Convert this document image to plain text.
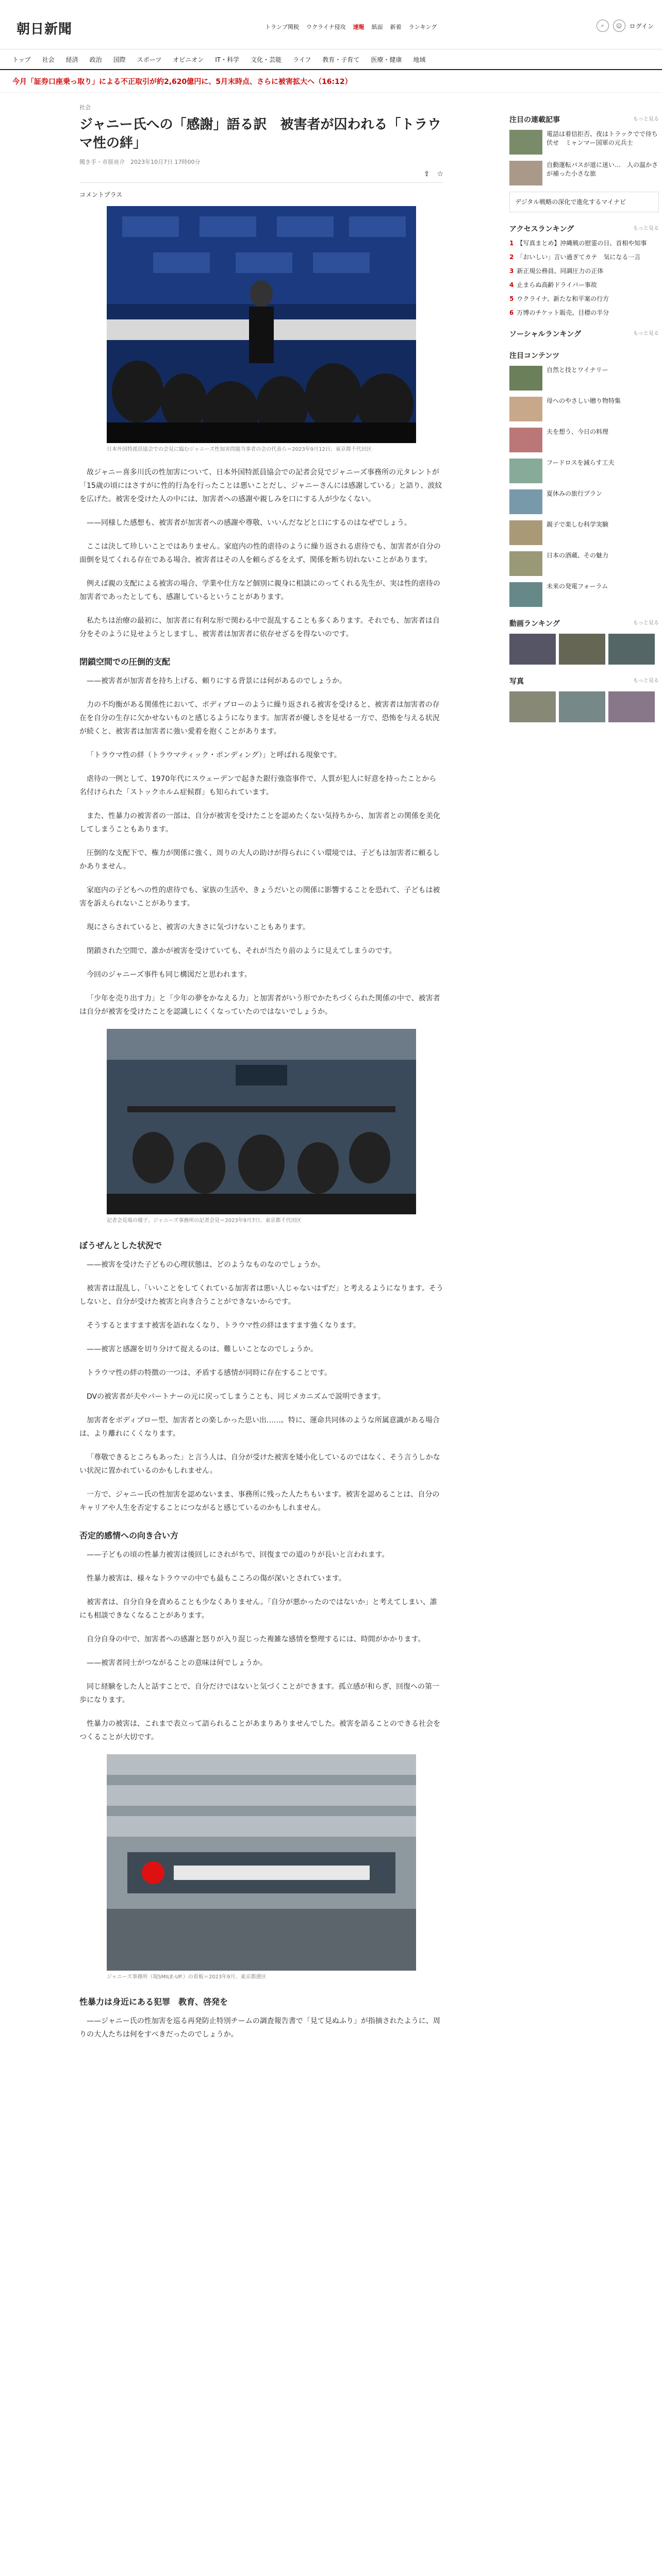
朝日新聞	トランプ関税 ウクライナ侵攻 速報 紙面 新着 ランキング	⌕	☺	ログイン
トップ	社会	経済	政治	国際	スポーツ	オピニオン	IT・科学	文化・芸能	ライフ	教育・子育て	医療・健康	地域
今月「証券口座乗っ取り」による不正取引が約2,620億円に、5月末時点、さらに被害拡大へ（16:12）
社会
ジャニー氏への「感謝」語る訳　被害者が囚われる「トラウマ性の絆」
聞き手・市原亮介　2023年10月7日 17時00分
⇪ ☆
コメントプラス
日本外国特派員協会での会見に臨むジャニーズ性加害問題当事者の会の代表ら＝2023年9月12日、東京都千代田区

故ジャニー喜多川氏の性加害について、日本外国特派員協会での記者会見でジャニーズ事務所の元タレントが「15歳の頃にはさすがに性的行為を行ったことは悪いことだし、ジャニーさんには感謝している」と語り、波紋を広げた。被害を受けた人の中には、加害者への感謝や親しみを口にする人が少なくない。

——同様した感想も、被害者が加害者への感謝や尊敬、いいんだなどと口にするのはなぜでしょう。

ここは決して珍しいことではありません。家庭内の性的虐待のように繰り返される虐待でも、加害者が自分の面倒を見てくれる存在である場合、被害者はその人を頼らざるをえず、関係を断ち切れないことがあります。

例えば親の支配による被害の場合、学業や仕方など個別に親身に相談にのってくれる先生が、実は性的虐待の加害者であったとしても、感謝しているということがあります。

私たちは治療の最初に、加害者に有利な形で関わる中で混乱することも多くあります。それでも、加害者は自分をそのように見せようとしますし、被害者は加害者に依存せざるを得ないのです。

閉鎖空間での圧倒的支配

——被害者が加害者を持ち上げる、頼りにする背景には何があるのでしょうか。

力の不均衡がある関係性において、ボディブローのように繰り返される被害を受けると、被害者は加害者の存在を自分の生存に欠かせないものと感じるようになります。加害者が優しさを見せる一方で、恐怖を与える状況が続くと、被害者は加害者に強い愛着を抱くことがあります。

「トラウマ性の絆（トラウマティック・ボンディング）」と呼ばれる現象です。

虐待の一例として、1970年代にスウェーデンで起きた銀行強盗事件で、人質が犯人に好意を持ったことから名付けられた「ストックホルム症候群」も知られています。

また、性暴力の被害者の一部は、自分が被害を受けたことを認めたくない気持ちから、加害者との関係を美化してしまうこともあります。

圧倒的な支配下で、権力が関係に強く、周りの大人の助けが得られにくい環境では、子どもは加害者に頼るしかありません。

家庭内の子どもへの性的虐待でも、家族の生活や、きょうだいとの関係に影響することを恐れて、子どもは被害を訴えられないことがあります。

現にさらされていると、被害の大きさに気づけないこともあります。

閉鎖された空間で、誰かが被害を受けていても、それが当たり前のように見えてしまうのです。

今回のジャニーズ事件も同じ構図だと思われます。

「少年を売り出す力」と「少年の夢をかなえる力」と加害者がいう形でかたちづくられた関係の中で、被害者は自分が被害を受けたことを認識しにくくなっていたのではないでしょうか。

記者会見場の様子。ジャニーズ事務所の記者会見＝2023年9月7日、東京都千代田区
ぼうぜんとした状況で

——被害を受けた子どもの心理状態は、どのようなものなのでしょうか。

被害者は混乱し、「いいことをしてくれている加害者は悪い人じゃないはずだ」と考えるようになります。そうしないと、自分が受けた被害と向き合うことができないからです。

そうするとますます被害を語れなくなり、トラウマ性の絆はますます強くなります。

——被害と感謝を切り分けて捉えるのは、難しいことなのでしょうか。

トラウマ性の絆の特徴の一つは、矛盾する感情が同時に存在することです。

DVの被害者が夫やパートナーの元に戻ってしまうことも、同じメカニズムで説明できます。

加害者をボディブロー型、加害者との楽しかった思い出……。特に、運命共同体のような所属意識がある場合は、より離れにくくなります。

「尊敬できるところもあった」と言う人は、自分が受けた被害を矮小化しているのではなく、そう言うしかない状況に置かれているのかもしれません。

一方で、ジャニー氏の性加害を認めないまま、事務所に残った人たちもいます。被害を認めることは、自分のキャリアや人生を否定することにつながると感じているのかもしれません。

否定的感情への向き合い方

——子どもの頃の性暴力被害は後回しにされがちで、回復までの道のりが長いと言われます。

性暴力被害は、様々なトラウマの中でも最もこころの傷が深いとされています。

被害者は、自分自身を責めることも少なくありません。「自分が悪かったのではないか」と考えてしまい、誰にも相談できなくなることがあります。

自分自身の中で、加害者への感謝と怒りが入り混じった複雑な感情を整理するには、時間がかかります。

——被害者同士がつながることの意味は何でしょうか。

同じ経験をした人と話すことで、自分だけではないと気づくことができます。孤立感が和らぎ、回復への第一歩になります。

性暴力の被害は、これまで表立って語られることがあまりありませんでした。被害を語ることのできる社会をつくることが大切です。

ジャニーズ事務所（現SMILE-UP.）の看板＝2023年9月、東京都港区
性暴力は身近にある犯罪　教育、啓発を

——ジャニー氏の性加害を巡る再発防止特別チームの調査報告書で「見て見ぬふり」が指摘されたように、周りの大人たちは何をすべきだったのでしょうか。

注目の連載記事	もっと見る
電話は着信拒否、夜はトラックでで待ち伏せ　ミャンマー国軍の元兵士
自動運転バスが道に迷い…　人の温かさが補った小さな旅
デジタル戦略の深化で進化するマイナビ
アクセスランキング	もっと見る
1 【写真まとめ】沖縄戦の慰霊の日、首相や知事
2 「おいしい」言い過ぎてカテ　気になる一言
3 新正規公務員、同調圧力の正体
4 止まらぬ高齢ドライバー事故
5 ウクライナ、新たな和平案の行方
6 万博のチケット販売、目標の半分
ソーシャルランキング	もっと見る
注目コンテンツ
自然と技とワイナリー
母へのやさしい贈り物特集
夫を想う、今日の料理
フードロスを減らす工夫
夏休みの旅行プラン
親子で楽しむ科学実験
日本の酒蔵、その魅力
未来の発電フォーラム
動画ランキング	もっと見る
写真	もっと見る
